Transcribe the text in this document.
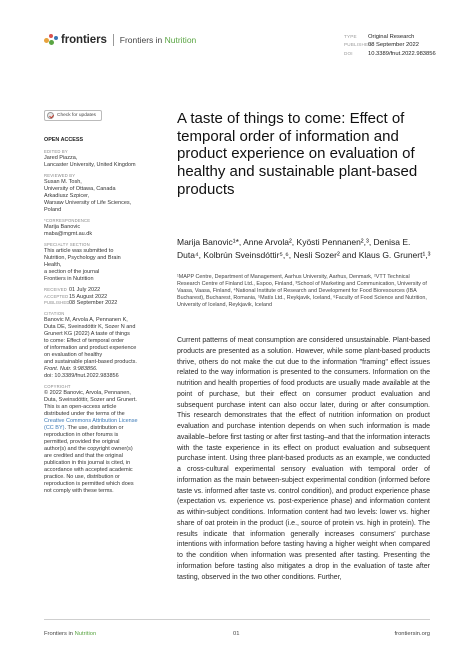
frontiers Frontiers in Nutrition	TYPE Original Research
PUBLISHED08 September 2022
DOI	10.3389/fnut.2022.983856
Check for updates
OPEN ACCESS
EDITED BY
Jared Piazza,
Lancaster University, United Kingdom
REVIEWED BY
Susan M. Tosh,
University of Ottawa, Canada
Arkadiusz Szpicer,
Warsaw University of Life Sciences,
Poland
*CORRESPONDENCE
Marija Banovic
maba@mgmt.au.dk
SPECIALTY SECTION
This article was submitted to
Nutrition, Psychology and Brain
Health,
a section of the journal
Frontiers in Nutrition
RECEIVED 01 July 2022
ACCEPTED 15 August 2022
PUBLISHED 08 September 2022
CITATION
Banovic M, Arvola A, Pennanen K,
Duta DE, Sveinsdóttir K, Sozer N and
Grunert KG (2022) A taste of things
to come: Effect of temporal order
of information and product experience
on evaluation of healthy
and sustainable plant-based products.
Front. Nutr. 9:983856.
doi: 10.3389/fnut.2022.983856
COPYRIGHT
© 2022 Banovic, Arvola, Pennanen,
Duta, Sveinsdóttir, Sozer and Grunert.
This is an open-access article
distributed under the terms of the
Creative Commons Attribution License
(CC BY). The use, distribution or
reproduction in other forums is
permitted, provided the original
author(s) and the copyright owner(s)
are credited and that the original
publication in this journal is cited, in
accordance with accepted academic
practice. No use, distribution or
reproduction is permitted which does
not comply with these terms.
A taste of things to come: Effect of temporal order of information and product experience on evaluation of healthy and sustainable plant-based products
Marija Banovic¹*, Anne Arvola², Kyösti Pennanen²,³, Denisa E. Duta⁴, Kolbrún Sveinsdóttir⁵,⁶, Nesli Sozer² and Klaus G. Grunert¹,³
¹MAPP Centre, Department of Management, Aarhus University, Aarhus, Denmark, ²VTT Technical Research Centre of Finland Ltd., Espoo, Finland, ³School of Marketing and Communication, University of Vaasa, Vaasa, Finland, ⁴National Institute of Research and Development for Food Bioresources (IBA Bucharest), Bucharest, Romania, ⁵Matís Ltd., Reykjavik, Iceland, ⁶Faculty of Food Science and Nutrition, University of Iceland, Reykjavik, Iceland

Current patterns of meat consumption are considered unsustainable. Plant-based products are presented as a solution. However, while some plant-based products thrive, others do not make the cut due to the information "framing" effect issues related to the way information is presented to the consumers. Information on the nutrition and health properties of food products are usually made available at the point of purchase, but their effect on consumer product evaluation and subsequent purchase intent can also occur later, during or after consumption. This research demonstrates that the effect of nutrition information on product evaluation and purchase intention depends on when such information is made available–before first tasting or after first tasting–and that the information interacts with the taste experience in its effect on product evaluation and subsequent purchase intent. Using three plant-based products as an example, we conducted a cross-cultural experimental sensory evaluation with temporal order of information as the main between-subject experimental condition (informed before taste vs. informed after taste vs. control condition), and product experience phase (expectation vs. experience vs. post-experience phase) and information content as within-subject conditions. Information content had two levels: lower vs. higher share of oat protein in the product (i.e., source of protein vs. high in protein). The results indicate that information generally increases consumers' purchase intentions with information before tasting having a higher weight when compared to the condition when information was presented after tasting. Presenting the information before tasting also mitigates a drop in the evaluation of taste after tasting, observed in the two other conditions. Further,

Frontiers in Nutrition	01	frontiersin.org
